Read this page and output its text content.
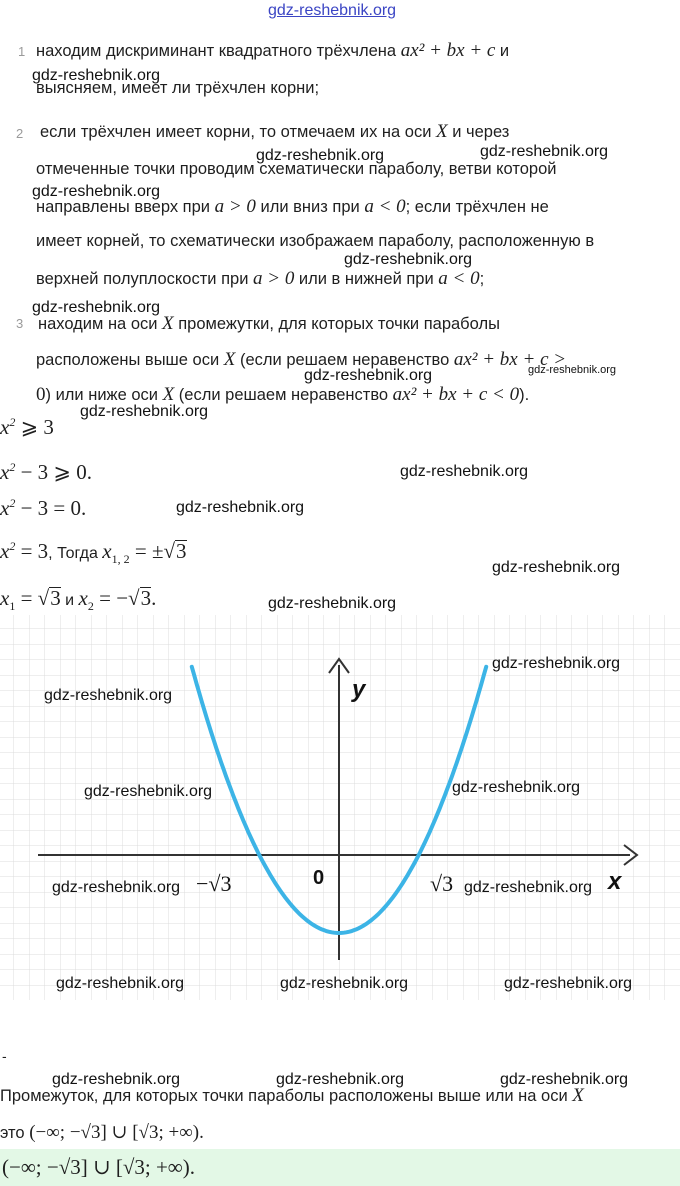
gdz-reshebnik.org
1 находим дискриминант квадратного трёхчлена ax² + bx + c и
выясняем, имеет ли трёхчлен корни;
2 если трёхчлен имеет корни, то отмечаем их на оси X и через
отмеченные точки проводим схематически параболу, ветви которой
направлены вверх при a > 0 или вниз при a < 0; если трёхчлен не
имеет корней, то схематически изображаем параболу, расположенную в
верхней полуплоскости при a > 0 или в нижней при a < 0;
3 находим на оси X промежутки, для которых точки параболы
расположены выше оси X (если решаем неравенство ax² + bx + c >
0) или ниже оси X (если решаем неравенство ax² + bx + c < 0).
$x^2$ ⩾ 3
$x^2 - 3$ ⩾ 0.
$x^2 - 3 = 0$.
$x^2 = 3$, Тогда $x_{1, 2} = \pm√3$
$x_1 = √3$ и $x_2 = -√3$.
y
x
0
−√3	√3
-
Промежуток, для которых точки параболы расположены выше или на оси X
это (−∞; −√3] ∪ [√3; +∞).
(−∞; −√3] ∪ [√3; +∞).
gdz-reshebnik.org
gdz-reshebnik.org	gdz-reshebnik.org
gdz-reshebnik.org
gdz-reshebnik.org
gdz-reshebnik.org
gdz-reshebnik.org
gdz-reshebnik.org
gdz-reshebnik.org
gdz-reshebnik.org
gdz-reshebnik.org
gdz-reshebnik.org
gdz-reshebnik.org
gdz-reshebnik.org
gdz-reshebnik.org
gdz-reshebnik.org	gdz-reshebnik.org
gdz-reshebnik.org	gdz-reshebnik.org
gdz-reshebnik.org	gdz-reshebnik.org	gdz-reshebnik.org
gdz-reshebnik.org	gdz-reshebnik.org	gdz-reshebnik.org
